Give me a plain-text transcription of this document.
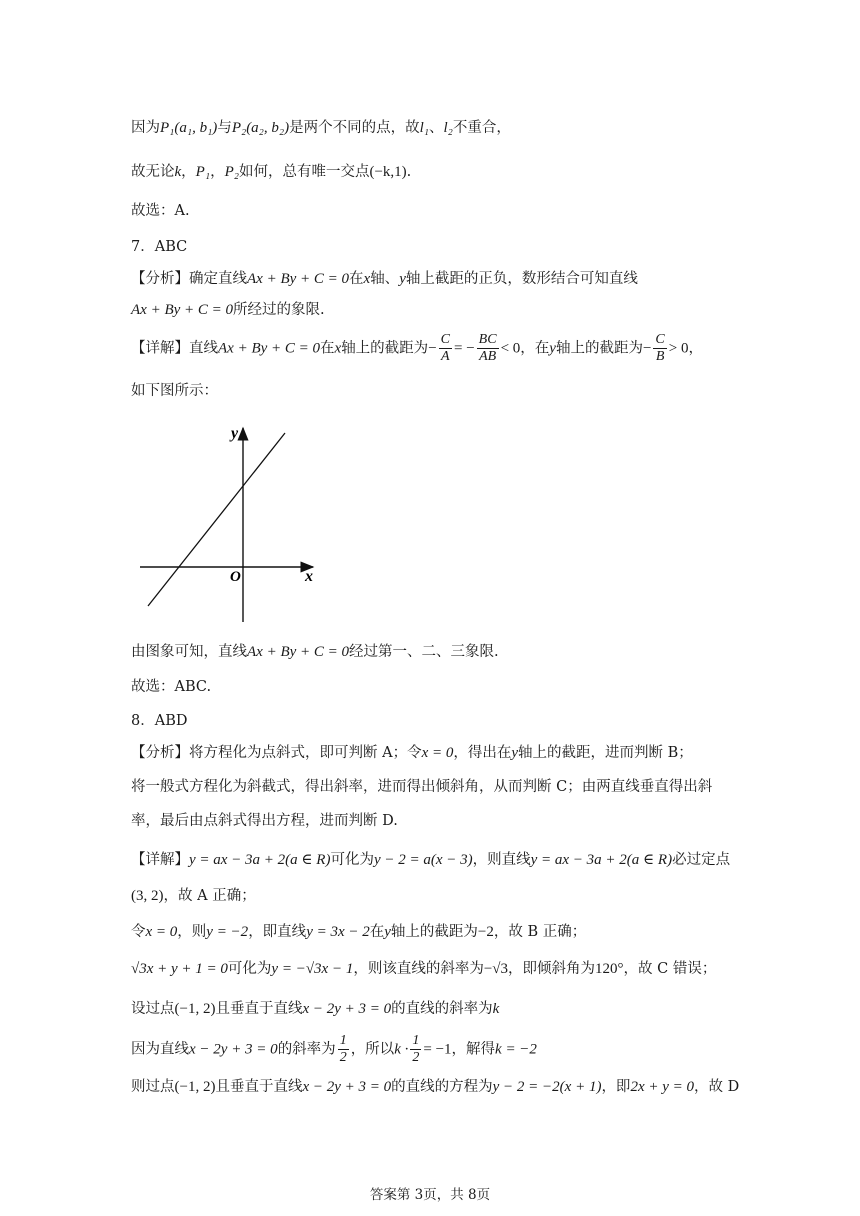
因为P₁(a₁, b₁)与P₂(a₂, b₂)是两个不同的点，故l₁、l₂不重合，
故无论k，P₁，P₂如何，总有唯一交点(−k,1).
故选：A.
7．ABC
【分析】确定直线Ax + By + C = 0在x轴、y轴上截距的正负，数形结合可知直线
Ax + By + C = 0所经过的象限.
【详解】直线Ax + By + C = 0在x轴上的截距为− $\frac{C}{A}$ = − $\frac{BC}{AB} < 0$，在y轴上的截距为− $\frac{C}{B} > 0$，
如下图所示：
y
x
O
由图象可知，直线Ax + By + C = 0经过第一、二、三象限.
故选：ABC.
8．ABD
【分析】将方程化为点斜式，即可判断 A；令x = 0，得出在y轴上的截距，进而判断 B；
将一般式方程化为斜截式，得出斜率，进而得出倾斜角，从而判断 C；由两直线垂直得出斜
率，最后由点斜式得出方程，进而判断 D.
【详解】y = ax − 3a + 2(a ∈ R)可化为y − 2 = a(x − 3)，则直线y = ax − 3a + 2(a ∈ R)必过定点
(3, 2)，故 A 正确；
令x = 0，则y = −2，即直线y = 3x − 2在y轴上的截距为−2，故 B 正确；
√3x + y + 1 = 0可化为y = −√3x − 1，则该直线的斜率为−√3，即倾斜角为120°，故 C 错误；
设过点(−1, 2)且垂直于直线x − 2y + 3 = 0的直线的斜率为k
因为直线x − 2y + 3 = 0的斜率为 $\frac{1}{2}$ ，所以$k \cdot \frac{1}{2} = -1$，解得k = −2
则过点(−1, 2)且垂直于直线x − 2y + 3 = 0的直线的方程为y − 2 = −2(x + 1)，即2x + y = 0，故 D
答案第 3页，共 8页
